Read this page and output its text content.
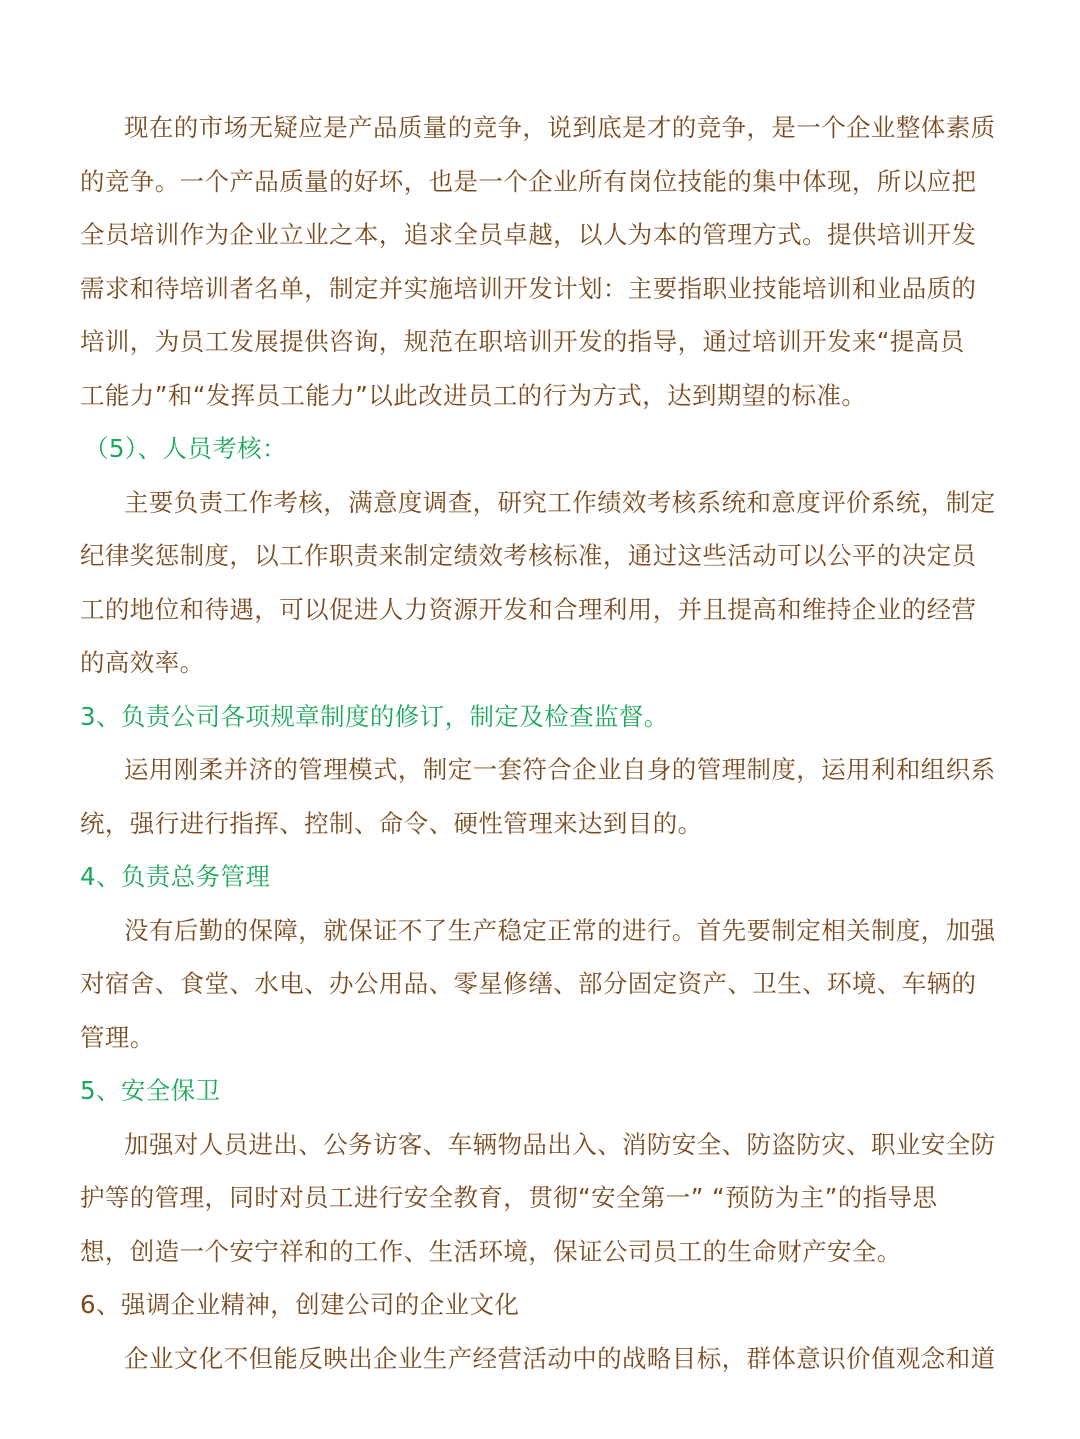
现在的市场无疑应是产品质量的竞争，说到底是才的竞争，是一个企业整体素质
的竞争。一个产品质量的好坏，也是一个企业所有岗位技能的集中体现，所以应把
全员培训作为企业立业之本，追求全员卓越，以人为本的管理方式。提供培训开发
需求和待培训者名单，制定并实施培训开发计划：主要指职业技能培训和业品质的
培训，为员工发展提供咨询，规范在职培训开发的指导，通过培训开发来“提高员
工能力”和“发挥员工能力”以此改进员工的行为方式，达到期望的标准。
（5）、人员考核：
主要负责工作考核，满意度调查，研究工作绩效考核系统和意度评价系统，制定
纪律奖惩制度，以工作职责来制定绩效考核标准，通过这些活动可以公平的决定员
工的地位和待遇，可以促进人力资源开发和合理利用，并且提高和维持企业的经营
的高效率。
3、负责公司各项规章制度的修订，制定及检查监督。
运用刚柔并济的管理模式，制定一套符合企业自身的管理制度，运用利和组织系
统，强行进行指挥、控制、命令、硬性管理来达到目的。
4、负责总务管理
没有后勤的保障，就保证不了生产稳定正常的进行。首先要制定相关制度，加强
对宿舍、食堂、水电、办公用品、零星修缮、部分固定资产、卫生、环境、车辆的
管理。
5、安全保卫
加强对人员进出、公务访客、车辆物品出入、消防安全、防盗防灾、职业安全防
护等的管理，同时对员工进行安全教育，贯彻“安全第一” “预防为主”的指导思
想，创造一个安宁祥和的工作、生活环境，保证公司员工的生命财产安全。
6、强调企业精神，创建公司的企业文化
企业文化不但能反映出企业生产经营活动中的战略目标，群体意识价值观念和道
